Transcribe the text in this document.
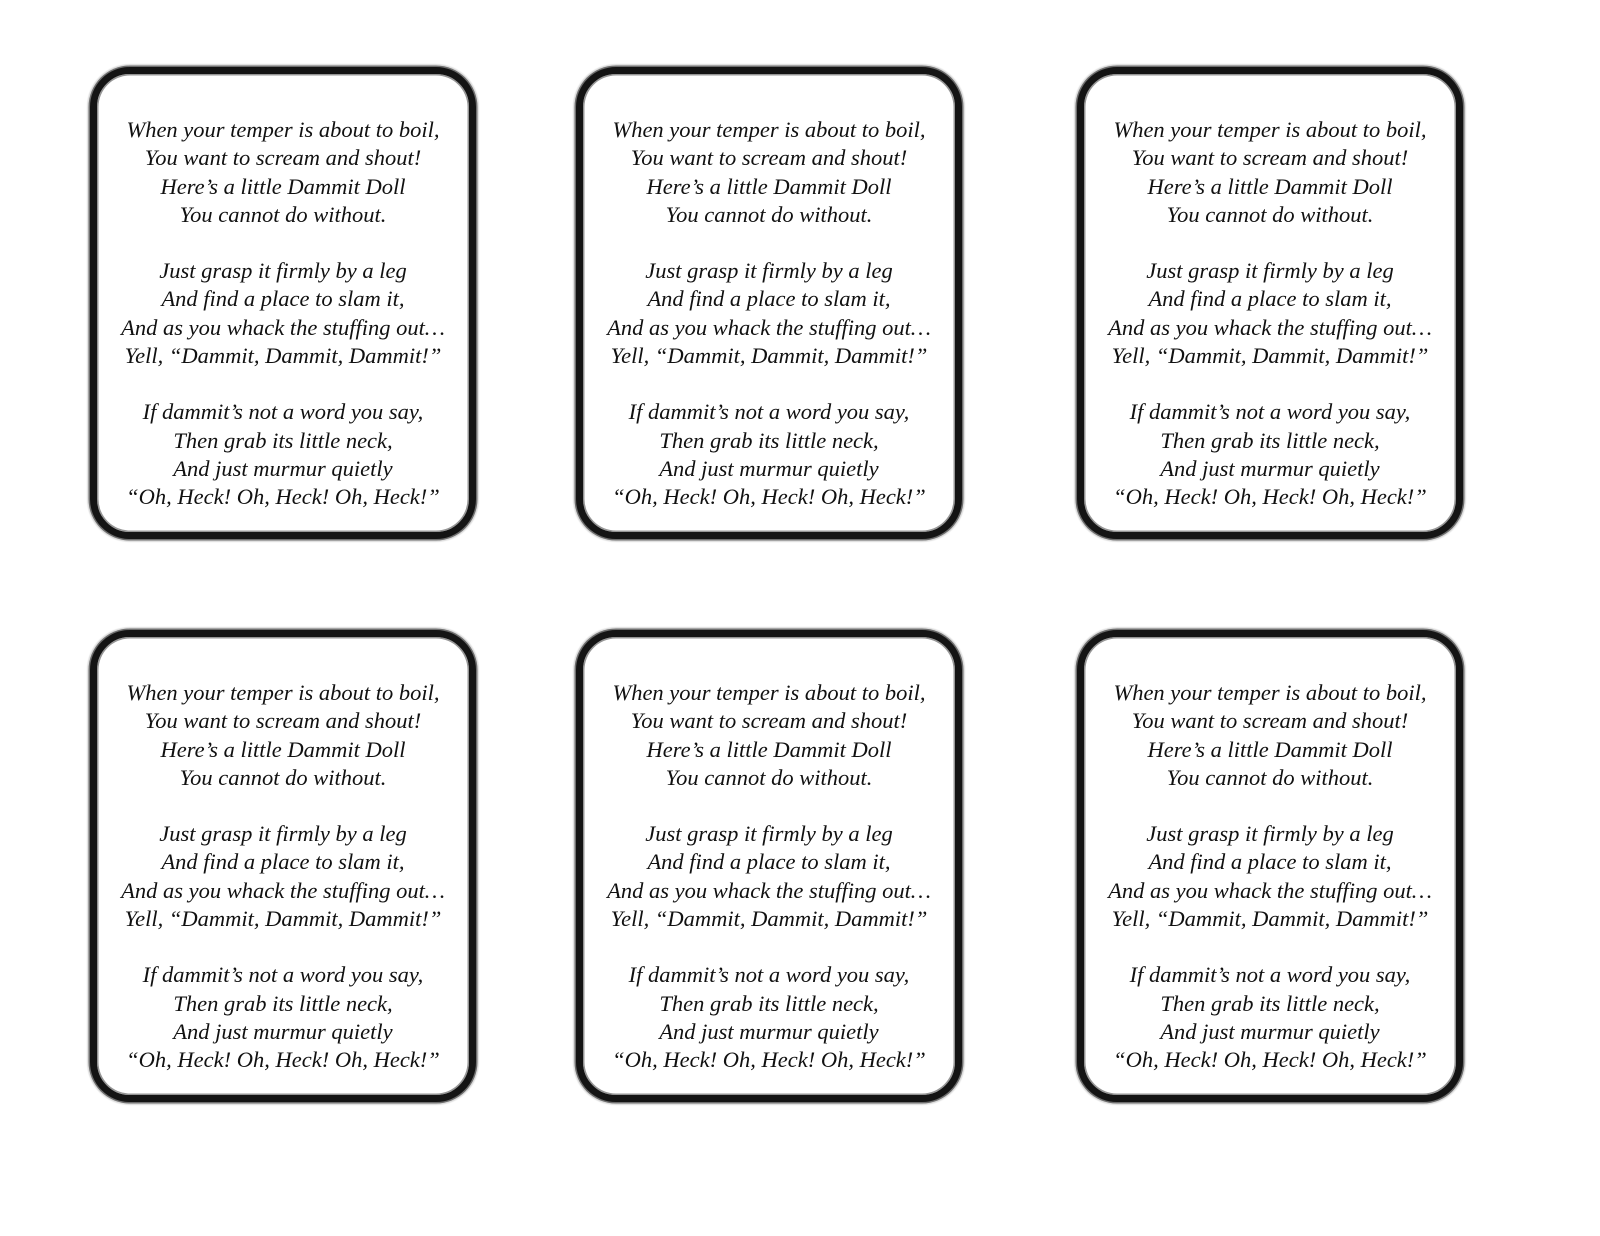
When your temper is about to boil,
You want to scream and shout!
Here’s a little Dammit Doll
You cannot do without.
Just grasp it firmly by a leg
And find a place to slam it,
And as you whack the stuffing out…
Yell, “Dammit, Dammit, Dammit!”
If dammit’s not a word you say,
Then grab its little neck,
And just murmur quietly
“Oh, Heck! Oh, Heck! Oh, Heck!”
When your temper is about to boil,
You want to scream and shout!
Here’s a little Dammit Doll
You cannot do without.
Just grasp it firmly by a leg
And find a place to slam it,
And as you whack the stuffing out…
Yell, “Dammit, Dammit, Dammit!”
If dammit’s not a word you say,
Then grab its little neck,
And just murmur quietly
“Oh, Heck! Oh, Heck! Oh, Heck!”
When your temper is about to boil,
You want to scream and shout!
Here’s a little Dammit Doll
You cannot do without.
Just grasp it firmly by a leg
And find a place to slam it,
And as you whack the stuffing out…
Yell, “Dammit, Dammit, Dammit!”
If dammit’s not a word you say,
Then grab its little neck,
And just murmur quietly
“Oh, Heck! Oh, Heck! Oh, Heck!”
When your temper is about to boil,
You want to scream and shout!
Here’s a little Dammit Doll
You cannot do without.
Just grasp it firmly by a leg
And find a place to slam it,
And as you whack the stuffing out…
Yell, “Dammit, Dammit, Dammit!”
If dammit’s not a word you say,
Then grab its little neck,
And just murmur quietly
“Oh, Heck! Oh, Heck! Oh, Heck!”
When your temper is about to boil,
You want to scream and shout!
Here’s a little Dammit Doll
You cannot do without.
Just grasp it firmly by a leg
And find a place to slam it,
And as you whack the stuffing out…
Yell, “Dammit, Dammit, Dammit!”
If dammit’s not a word you say,
Then grab its little neck,
And just murmur quietly
“Oh, Heck! Oh, Heck! Oh, Heck!”
When your temper is about to boil,
You want to scream and shout!
Here’s a little Dammit Doll
You cannot do without.
Just grasp it firmly by a leg
And find a place to slam it,
And as you whack the stuffing out…
Yell, “Dammit, Dammit, Dammit!”
If dammit’s not a word you say,
Then grab its little neck,
And just murmur quietly
“Oh, Heck! Oh, Heck! Oh, Heck!”
